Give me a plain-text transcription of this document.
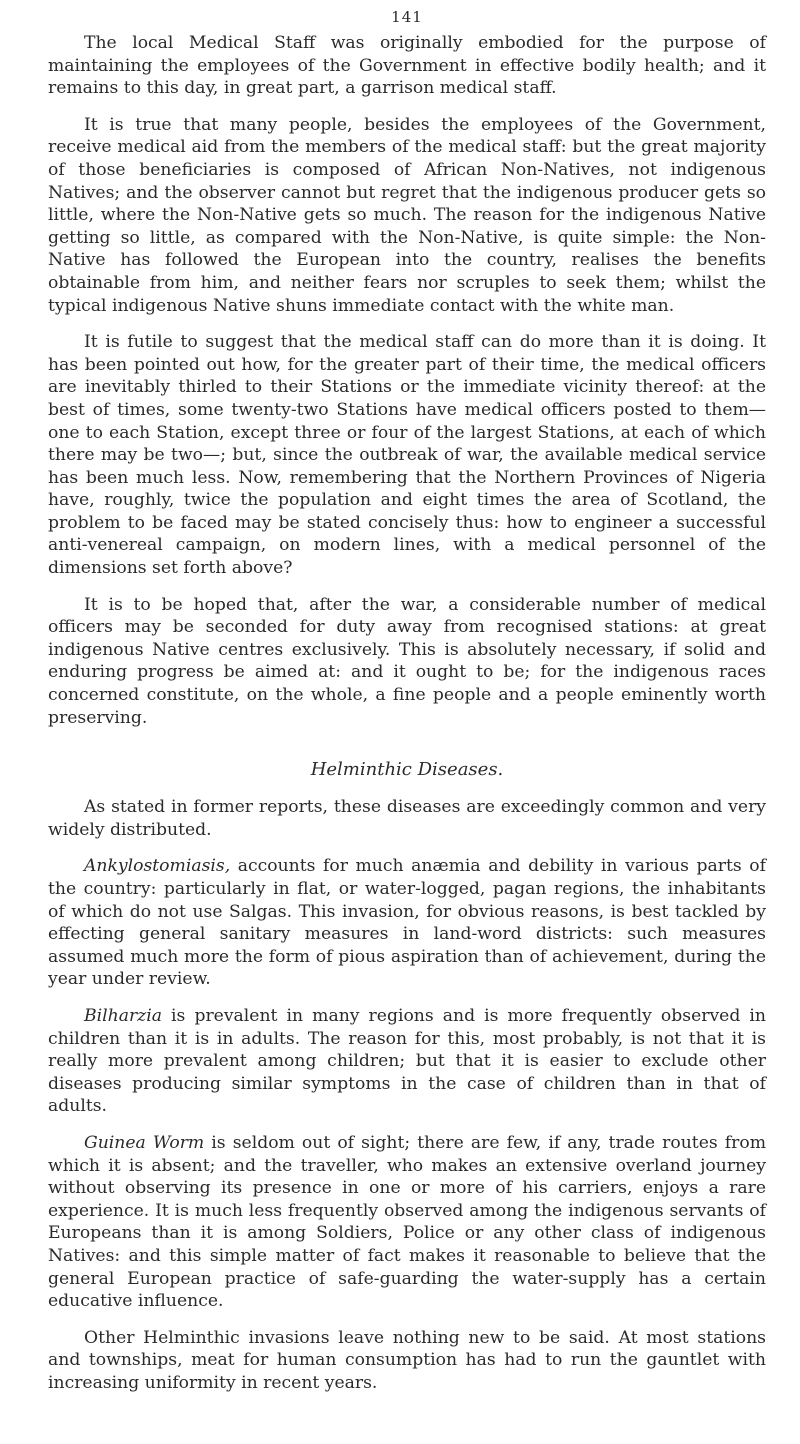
141

The local Medical Staff was originally embodied for the purpose of maintaining the employees of the Government in effective bodily health; and it remains to this day, in great part, a garrison medical staff.

It is true that many people, besides the employees of the Government, receive medical aid from the members of the medical staff: but the great majority of those beneficiaries is composed of African Non-Natives, not indigenous Natives; and the observer cannot but regret that the indigenous producer gets so little, where the Non-Native gets so much. The reason for the indigenous Native getting so little, as compared with the Non-Native, is quite simple: the Non-Native has followed the European into the country, realises the benefits obtainable from him, and neither fears nor scruples to seek them; whilst the typical indigenous Native shuns immediate contact with the white man.

It is futile to suggest that the medical staff can do more than it is doing. It has been pointed out how, for the greater part of their time, the medical officers are inevitably thirled to their Stations or the immediate vicinity thereof: at the best of times, some twenty-two Stations have medical officers posted to them—one to each Station, except three or four of the largest Stations, at each of which there may be two—; but, since the outbreak of war, the available medical service has been much less. Now, remembering that the Northern Provinces of Nigeria have, roughly, twice the population and eight times the area of Scotland, the problem to be faced may be stated concisely thus: how to engineer a successful anti-venereal campaign, on modern lines, with a medical personnel of the dimensions set forth above?

It is to be hoped that, after the war, a considerable number of medical officers may be seconded for duty away from recognised stations: at great indigenous Native centres exclusively. This is absolutely necessary, if solid and enduring progress be aimed at: and it ought to be; for the indigenous races concerned constitute, on the whole, a fine people and a people eminently worth preserving.

Helminthic Diseases.

As stated in former reports, these diseases are exceedingly common and very widely distributed.

Ankylostomiasis, accounts for much anæmia and debility in various parts of the country: particularly in flat, or water-logged, pagan regions, the inhabitants of which do not use Salgas. This invasion, for obvious reasons, is best tackled by effecting general sanitary measures in land-word districts: such measures assumed much more the form of pious aspiration than of achievement, during the year under review.

Bilharzia is prevalent in many regions and is more frequently observed in children than it is in adults. The reason for this, most probably, is not that it is really more prevalent among children; but that it is easier to exclude other diseases producing similar symptoms in the case of children than in that of adults.

Guinea Worm is seldom out of sight; there are few, if any, trade routes from which it is absent; and the traveller, who makes an extensive overland journey without observing its presence in one or more of his carriers, enjoys a rare experience. It is much less frequently observed among the indigenous servants of Europeans than it is among Soldiers, Police or any other class of indigenous Natives: and this simple matter of fact makes it reasonable to believe that the general European practice of safe-guarding the water-supply has a certain educative influence.

Other Helminthic invasions leave nothing new to be said. At most stations and townships, meat for human consumption has had to run the gauntlet with increasing uniformity in recent years.
